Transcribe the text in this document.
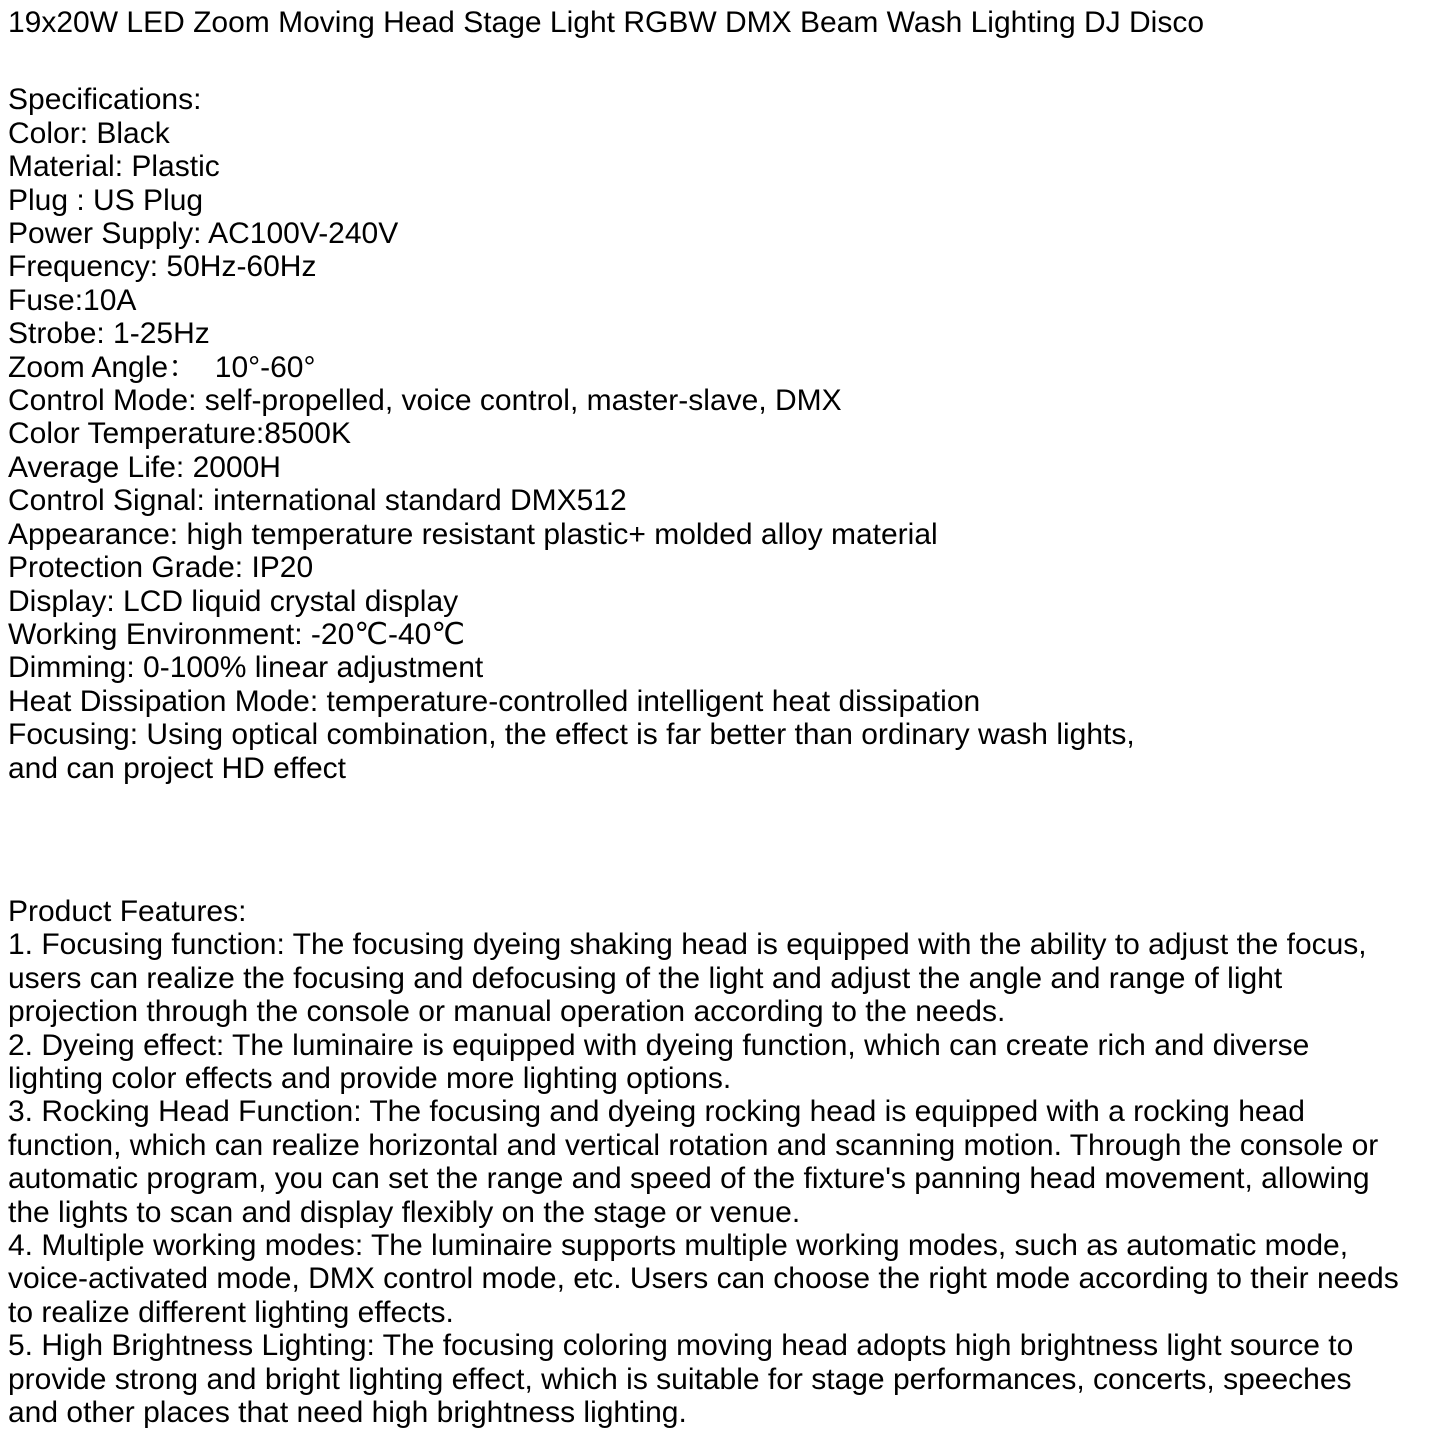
19x20W LED Zoom Moving Head Stage Light RGBW DMX Beam Wash Lighting DJ Disco
Specifications:
Color: Black
Material: Plastic
Plug : US Plug
Power Supply: AC100V-240V
Frequency: 50Hz-60Hz
Fuse:10A
Strobe: 1-25Hz
Zoom Angle：  10°-60°
Control Mode: self-propelled, voice control, master-slave, DMX
Color Temperature:8500K
Average Life: 2000H
Control Signal: international standard DMX512
Appearance: high temperature resistant plastic+ molded alloy material
Protection Grade: IP20
Display: LCD liquid crystal display
Working Environment: -20℃-40℃
Dimming: 0-100% linear adjustment
Heat Dissipation Mode: temperature-controlled intelligent heat dissipation
Focusing: Using optical combination, the effect is far better than ordinary wash lights,
and can project HD effect
Product Features:
1. Focusing function: The focusing dyeing shaking head is equipped with the ability to adjust the focus,
users can realize the focusing and defocusing of the light and adjust the angle and range of light
projection through the console or manual operation according to the needs.
2. Dyeing effect: The luminaire is equipped with dyeing function, which can create rich and diverse
lighting color effects and provide more lighting options.
3. Rocking Head Function: The focusing and dyeing rocking head is equipped with a rocking head
function, which can realize horizontal and vertical rotation and scanning motion. Through the console or
automatic program, you can set the range and speed of the fixture's panning head movement, allowing
the lights to scan and display flexibly on the stage or venue.
4. Multiple working modes: The luminaire supports multiple working modes, such as automatic mode,
voice-activated mode, DMX control mode, etc. Users can choose the right mode according to their needs
to realize different lighting effects.
5. High Brightness Lighting: The focusing coloring moving head adopts high brightness light source to
provide strong and bright lighting effect, which is suitable for stage performances, concerts, speeches
and other places that need high brightness lighting.
